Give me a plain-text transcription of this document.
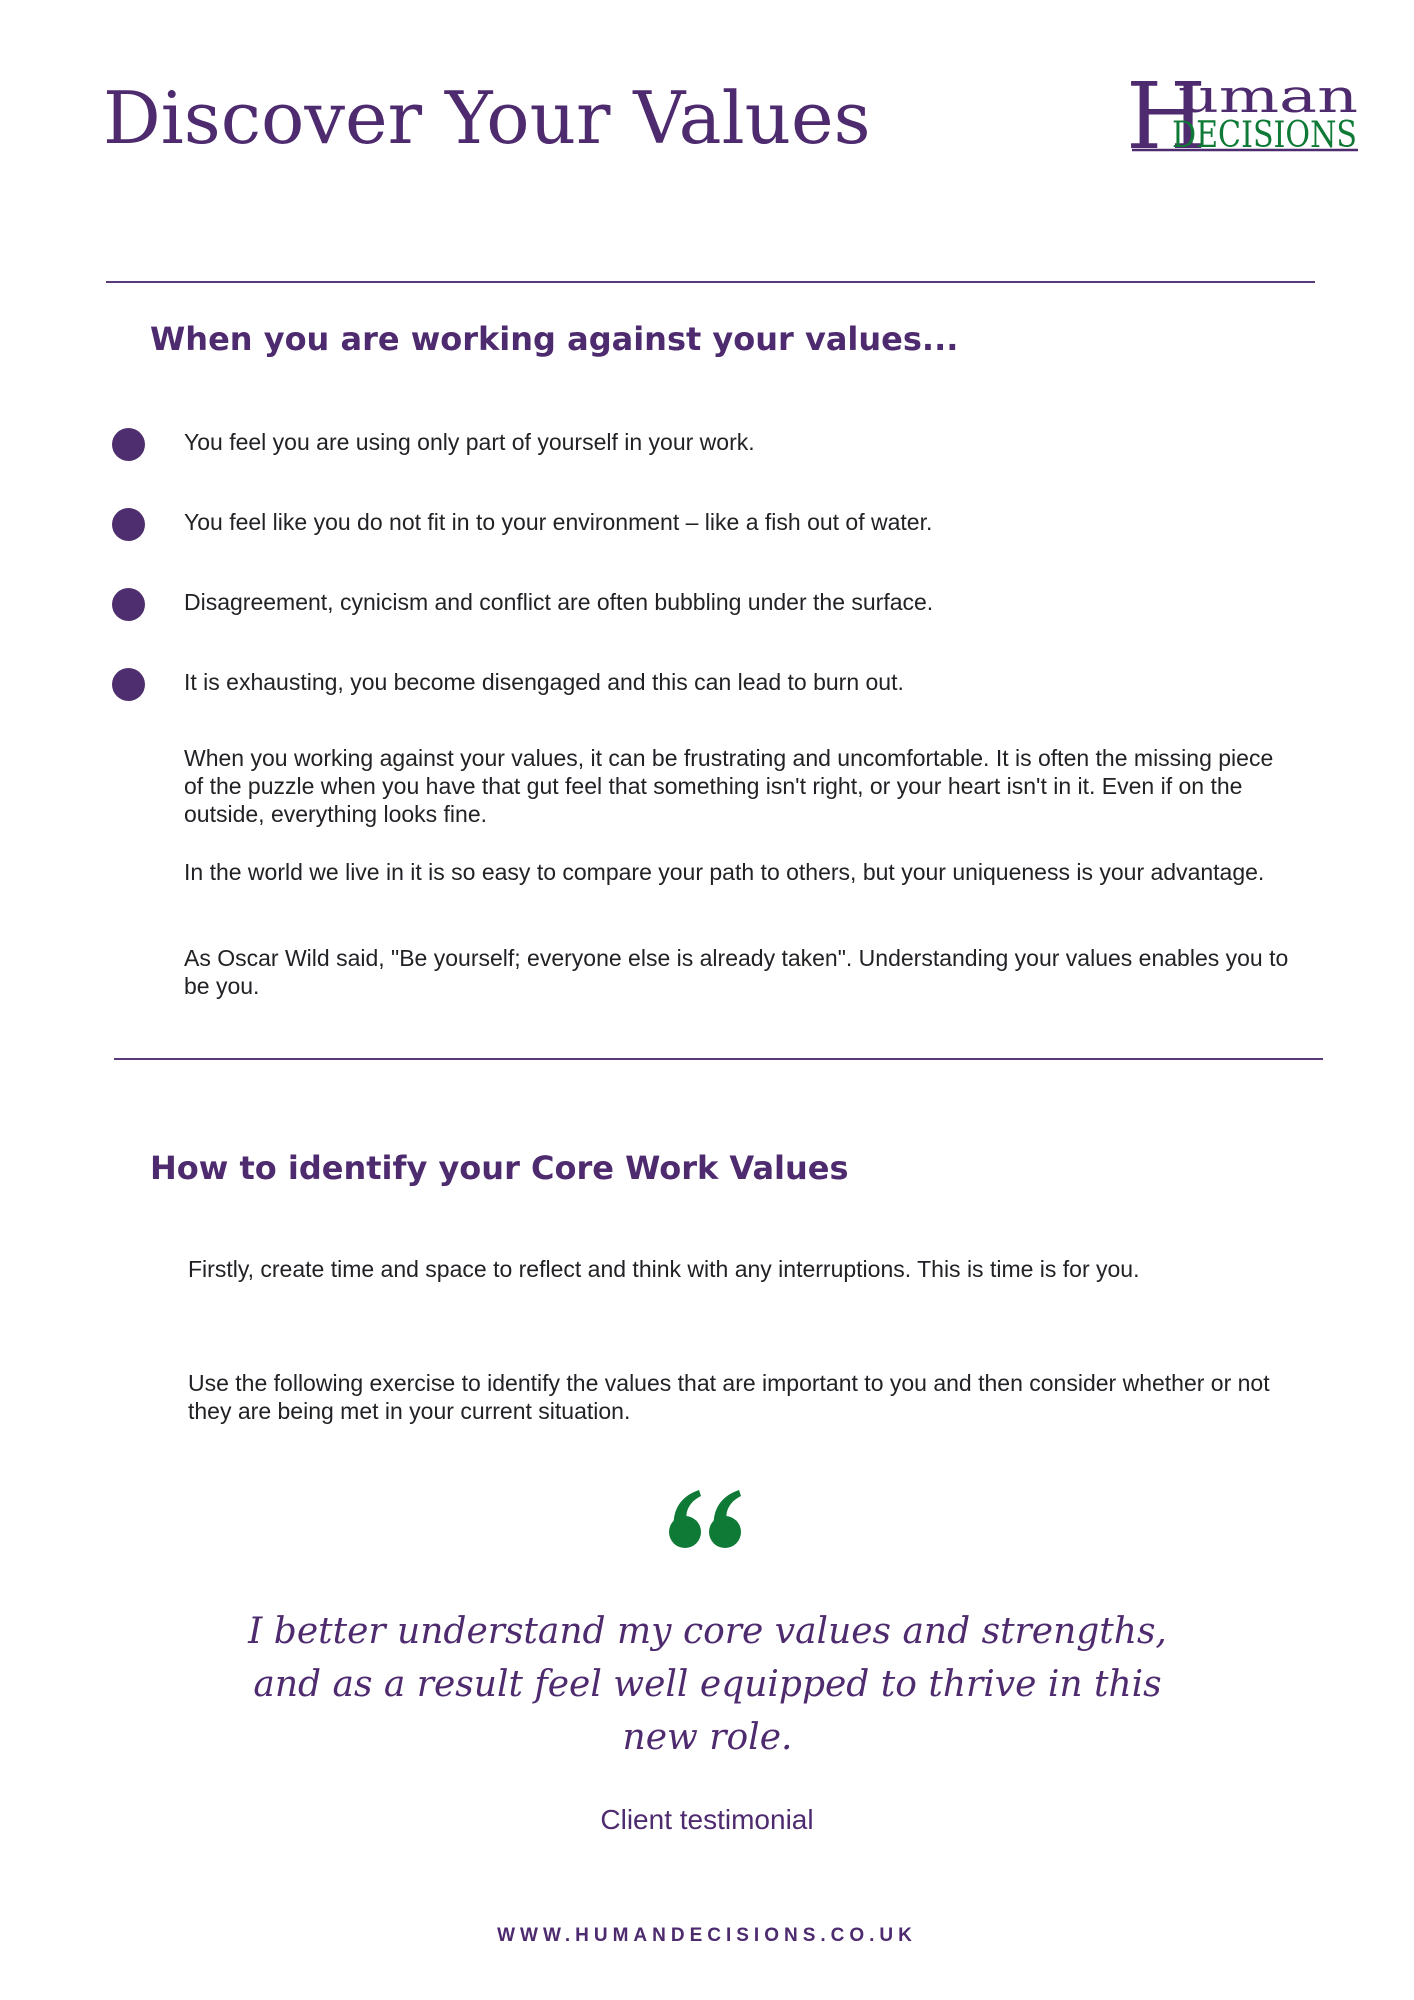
Discover Your Values	H
uman
DECISIONS
When you are working against your values...
You feel you are using only part of yourself in your work.
You feel like you do not fit in to your environment – like a fish out of water.
Disagreement, cynicism and conflict are often bubbling under the surface.
It is exhausting, you become disengaged and this can lead to burn out.

When you working against your values, it can be frustrating and uncomfortable. It is often the missing piece of the puzzle when you have that gut feel that something isn't right, or your heart isn't in it. Even if on the outside, everything looks fine.

In the world we live in it is so easy to compare your path to others, but your uniqueness is your advantage.

As Oscar Wild said, "Be yourself; everyone else is already taken". Understanding your values enables you to be you.

How to identify your Core Work Values

Firstly, create time and space to reflect and think with any interruptions. This is time is for you.

Use the following exercise to identify the values that are important to you and then consider whether or not they are being met in your current situation.

I better understand my core values and strengths, and as a result feel well equipped to thrive in this new role.

Client testimonial
WWW.HUMANDECISIONS.CO.UK
